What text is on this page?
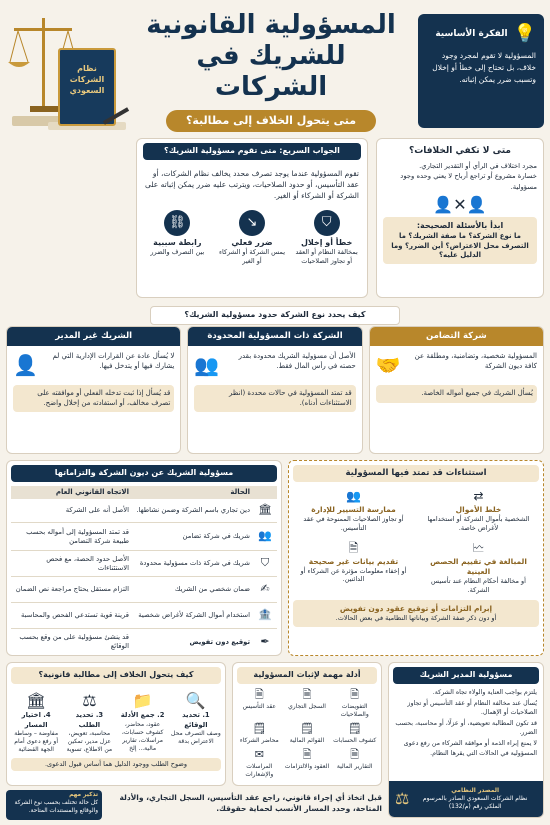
نظام
الشركات
السعودي
المسؤولية القانونية
للشريك في الشركات
متى يتحول الخلاف إلى مطالبة؟
💡
الفكرة الأساسية
المسؤولية لا تقوم لمجرد وجود خلاف، بل تحتاج إلى خطأ أو إخلال وتسبب ضرر يمكن إثباته.
الجواب السريع: متى تقوم مسؤولية الشريك؟
تقوم المسؤولية عندما يوجد تصرف محدد يخالف نظام الشركات، أو عقد التأسيس، أو حدود الصلاحيات، ويترتب عليه ضرر يمكن إثباته على الشركة أو الشركاء أو الغير.
⛉
خطأ أو إخلال
بمخالفة النظام أو العقد أو تجاوز الصلاحيات
↘
ضرر فعلي
يمس الشركة أو الشركاء أو الغير
⛓
رابطة سببية
بين التصرف والضرر
متى لا تكفي الخلافات؟
مجرد اختلاف في الرأي أو التقدير التجاري.
خسارة مشروع أو تراجع أرباح لا يعني وحده وجود مسؤولية.
👤✕👤
ابدأ بالأسئلة الصحيحة:
ما نوع الشركة؟ ما صفة الشريك؟ ما التصرف محل الاعتراض؟ أين الضرر؟ وما الدليل عليه؟
كيف يحدد نوع الشركة حدود مسؤولية الشريك؟
شركة التضامن
المسؤولية شخصية، وتضامنية، ومطلقة عن كافة ديون الشركة
🤝
يُسأل الشريك في جميع أمواله الخاصة.
الشركة ذات المسؤولية المحدودة
الأصل أن مسؤولية الشريك محدودة بقدر حصته في رأس المال فقط.
👥
قد تمتد المسؤولية في حالات محددة (انظر الاستثناءات أدناه).
الشريك غير المدير
لا يُسأل عادة عن القرارات الإدارية التي لم يشارك فيها أو يتدخل فيها.
👤
قد يُسأل إذا ثبت تدخله الفعلي أو موافقته على تصرف مخالف، أو استفادته من إخلال واضح.
مسؤولية الشريك عن ديون الشركة والتزاماتها
الحالة
الاتجاه القانوني العام
🏛
دين تجاري باسم الشركة وضمن نشاطها.
الأصل أنه على الشركة
👥
شريك في شركة تضامن
قد تمتد المسؤولية إلى أمواله بحسب طبيعة شركة التضامن
⛉
شريك في شركة ذات مسؤولية محدودة
الأصل حدود الحصة، مع فحص الاستثناءات
✍
ضمان شخصي من الشريك
التزام مستقل يحتاج مراجعة نص الضمان
🏦
استخدام أموال الشركة لأغراض شخصية
قرينة قوية تستدعي الفحص والمحاسبة
✒
توقيع دون تفويض
قد ينشئ مسؤولية على من وقع بحسب الوقائع
استثناءات قد تمتد فيها المسؤولية
⇄
خلط الأموال
الشخصية بأموال الشركة أو استخدامها لأغراض خاصة.
👥
ممارسة التسيير للإدارة
أو تجاوز الصلاحيات الممنوحة في عقد التأسيس.
🗠
المبالغة في تقييم الحصص العينية
أو مخالفة أحكام النظام عند تأسيس الشركة.
🗎
تقديم بيانات غير صحيحة
أو إخفاء معلومات مؤثرة عن الشركاء أو الدائنين.
إبرام التزامات أو توقيع عقود دون تفويض
أو دون ذكر صفة الشركة وبياناتها النظامية في بعض الحالات.
كيف يتحول الخلاف إلى مطالبة قانونية؟
🔍
1. تحديد الوقائع
وصف التصرف محل الاعتراض بدقة
📁
2. جمع الأدلة
عقود، محاضر، كشوف حسابات، مراسلات، تقارير مالية... إلخ
⚖
3. تحديد الطلب
محاسبة، تعويض، عزل مدير، تمكين من الاطلاع، تسوية
🏛
4. اختيار المسار
مفاوضة – وساطة أو رفع دعوى أمام الجهة القضائية
وضوح الطلب ووجود الدليل هما أساس قبول الدعوى.
أدلة مهمة لإثبات المسؤولية
🗎
التفويضات والصلاحيات
🗎
السجل التجاري
🗎
عقد التأسيس
🗒
كشوف الحسابات
🗒
القوائم المالية
🗒
محاضر الشركاء
🗎
التقارير المالية
🗎
العقود والالتزامات
✉
المراسلات والإشعارات
مسؤولية المدير الشريك
يلتزم بواجب العناية والولاء تجاه الشركة.
يُسأل عند مخالفة النظام أو عقد التأسيس أو تجاوز الصلاحيات أو الإهمال.
قد تكون المطالبة تعويضية، أو عزلًا، أو محاسبة، بحسب الضرر.
لا يمنع إبراء الذمة أو موافقة الشركاء من رفع دعوى المسؤولية في الحالات التي يقرها النظام.
المصدر النظامي
نظام الشركات السعودي الصادر بالمرسوم الملكي رقم (م/132)
⚖
تذكير مهم
كل حالة تختلف بحسب نوع الشركة والوقائع والمستندات المتاحة.
قبل اتخاذ أي إجراء قانوني، راجع عقد التأسيس، السجل التجاري، والأدلة المتاحة، وحدد المسار الأنسب لحماية حقوقك.
